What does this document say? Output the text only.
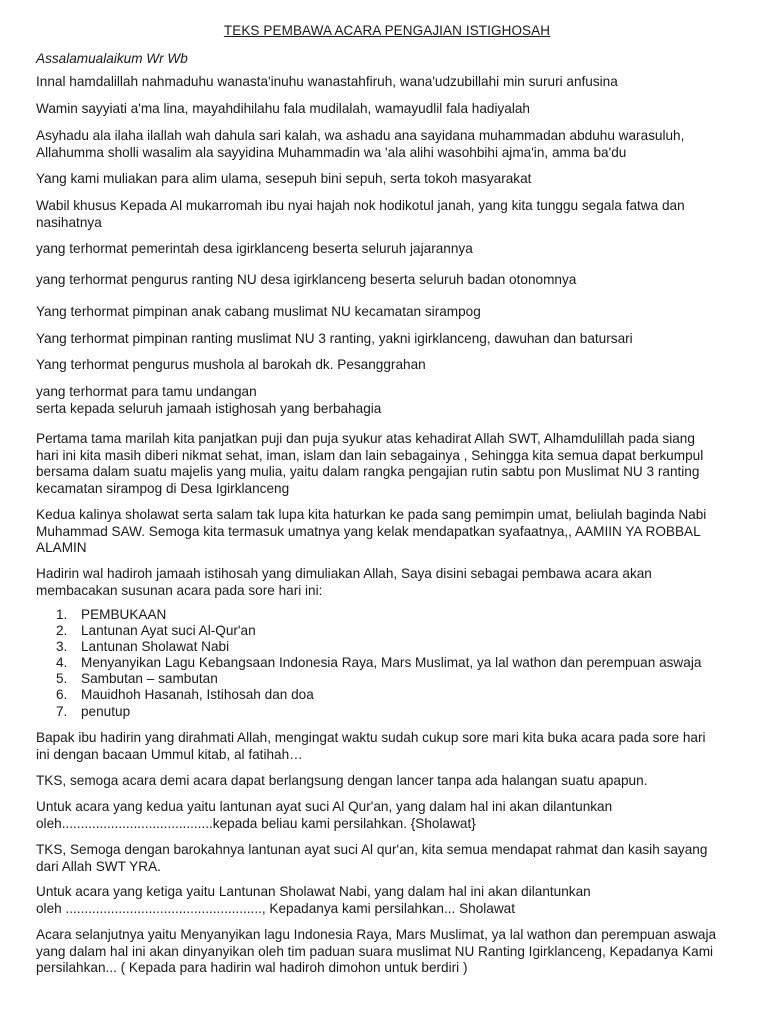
TEKS PEMBAWA ACARA PENGAJIAN ISTIGHOSAH
Assalamualaikum Wr Wb
Innal hamdalillah nahmaduhu wanasta'inuhu wanastahfiruh, wana'udzubillahi min sururi anfusina
Wamin sayyiati a'ma lina, mayahdihilahu fala mudilalah, wamayudlil fala hadiyalah
Asyhadu ala ilaha ilallah wah dahula sari kalah, wa ashadu ana sayidana muhammadan abduhu warasuluh,
Allahumma sholli wasalim ala sayyidina Muhammadin wa 'ala alihi wasohbihi ajma'in, amma ba'du
Yang kami muliakan para alim ulama, sesepuh bini sepuh, serta tokoh masyarakat
Wabil khusus Kepada Al mukarromah ibu nyai hajah nok hodikotul janah, yang kita tunggu segala fatwa dan
nasihatnya
yang terhormat pemerintah desa igirklanceng beserta seluruh jajarannya
yang terhormat pengurus ranting NU desa igirklanceng beserta seluruh badan otonomnya
Yang terhormat pimpinan anak cabang muslimat NU kecamatan sirampog
Yang terhormat pimpinan ranting muslimat NU 3 ranting, yakni igirklanceng, dawuhan dan batursari
Yang terhormat pengurus mushola al barokah dk. Pesanggrahan
yang terhormat para tamu undangan
serta kepada seluruh jamaah istighosah yang berbahagia
Pertama tama marilah kita panjatkan puji dan puja syukur atas kehadirat Allah SWT, Alhamdulillah pada siang
hari ini kita masih diberi nikmat sehat, iman, islam dan lain sebagainya , Sehingga kita semua dapat berkumpul
bersama dalam suatu majelis yang mulia, yaitu dalam rangka pengajian rutin sabtu pon Muslimat NU 3 ranting
kecamatan sirampog di Desa Igirklanceng
Kedua kalinya sholawat serta salam tak lupa kita haturkan ke pada sang pemimpin umat, beliulah baginda Nabi
Muhammad SAW. Semoga kita termasuk umatnya yang kelak mendapatkan syafaatnya,, AAMIIN YA ROBBAL
ALAMIN
Hadirin wal hadiroh jamaah istihosah yang dimuliakan Allah, Saya disini sebagai pembawa acara akan
membacakan susunan acara pada sore hari ini:
Bapak ibu hadirin yang dirahmati Allah, mengingat waktu sudah cukup sore mari kita buka acara pada sore hari
ini dengan bacaan Ummul kitab, al fatihah…
TKS, semoga acara demi acara dapat berlangsung dengan lancer tanpa ada halangan suatu apapun.
Untuk acara yang kedua yaitu lantunan ayat suci Al Qur'an, yang dalam hal ini akan dilantunkan
oleh........................................kepada beliau kami persilahkan. {Sholawat}
TKS, Semoga dengan barokahnya lantunan ayat suci Al qur'an, kita semua mendapat rahmat dan kasih sayang
dari Allah SWT YRA.
Untuk acara yang ketiga yaitu Lantunan Sholawat Nabi, yang dalam hal ini akan dilantunkan
oleh ...................................................., Kepadanya kami persilahkan... Sholawat
Acara selanjutnya yaitu Menyanyikan lagu Indonesia Raya, Mars Muslimat, ya lal wathon dan perempuan aswaja
yang dalam hal ini akan dinyanyikan oleh tim paduan suara muslimat NU Ranting Igirklanceng, Kepadanya Kami
persilahkan... ( Kepada para hadirin wal hadiroh dimohon untuk berdiri )
1.	PEMBUKAAN
2.	Lantunan Ayat suci Al-Qur'an
3.	Lantunan Sholawat Nabi
4.	Menyanyikan Lagu Kebangsaan Indonesia Raya, Mars Muslimat, ya lal wathon dan perempuan aswaja
5.	Sambutan – sambutan
6.	Mauidhoh Hasanah, Istihosah dan doa
7.	penutup
